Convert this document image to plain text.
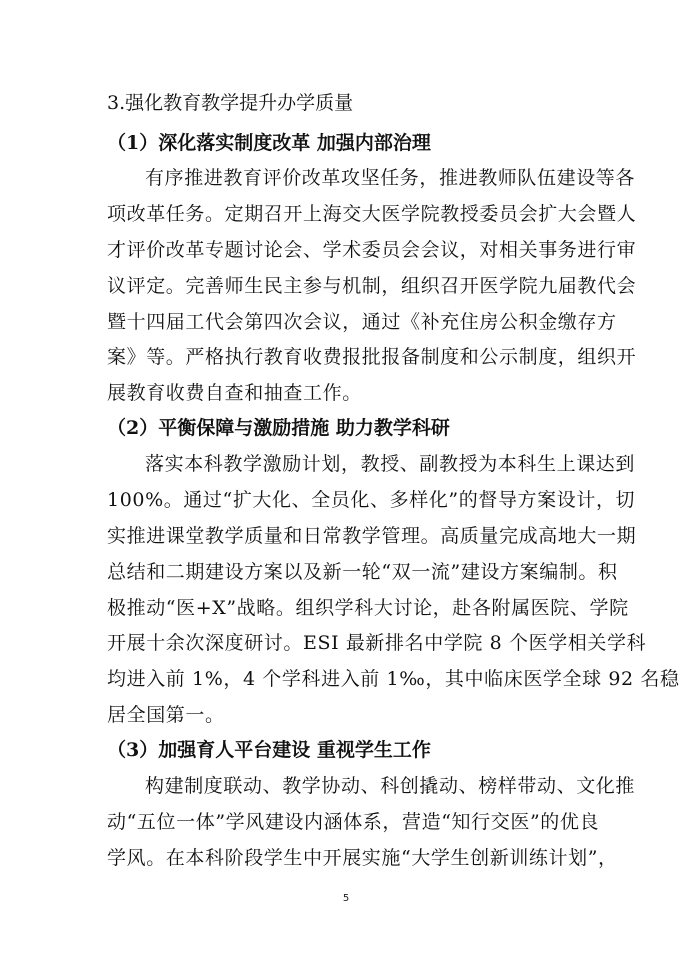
3.强化教育教学提升办学质量
（1）深化落实制度改革 加强内部治理
有序推进教育评价改革攻坚任务，推进教师队伍建设等各
项改革任务。定期召开上海交大医学院教授委员会扩大会暨人
才评价改革专题讨论会、学术委员会会议，对相关事务进行审
议评定。完善师生民主参与机制，组织召开医学院九届教代会
暨十四届工代会第四次会议，通过《补充住房公积金缴存方
案》等。严格执行教育收费报批报备制度和公示制度，组织开
展教育收费自查和抽查工作。
（2）平衡保障与激励措施 助力教学科研
落实本科教学激励计划，教授、副教授为本科生上课达到
100%。通过“扩大化、全员化、多样化”的督导方案设计，切
实推进课堂教学质量和日常教学管理。高质量完成高地大一期
总结和二期建设方案以及新一轮“双一流”建设方案编制。积
极推动“医+X”战略。组织学科大讨论，赴各附属医院、学院
开展十余次深度研讨。ESI 最新排名中学院 8 个医学相关学科
均进入前 1%，4 个学科进入前 1‰，其中临床医学全球 92 名稳
居全国第一。
（3）加强育人平台建设 重视学生工作
构建制度联动、教学协动、科创撬动、榜样带动、文化推
动“五位一体”学风建设内涵体系，营造“知行交医”的优良
学风。在本科阶段学生中开展实施“大学生创新训练计划”，
5
